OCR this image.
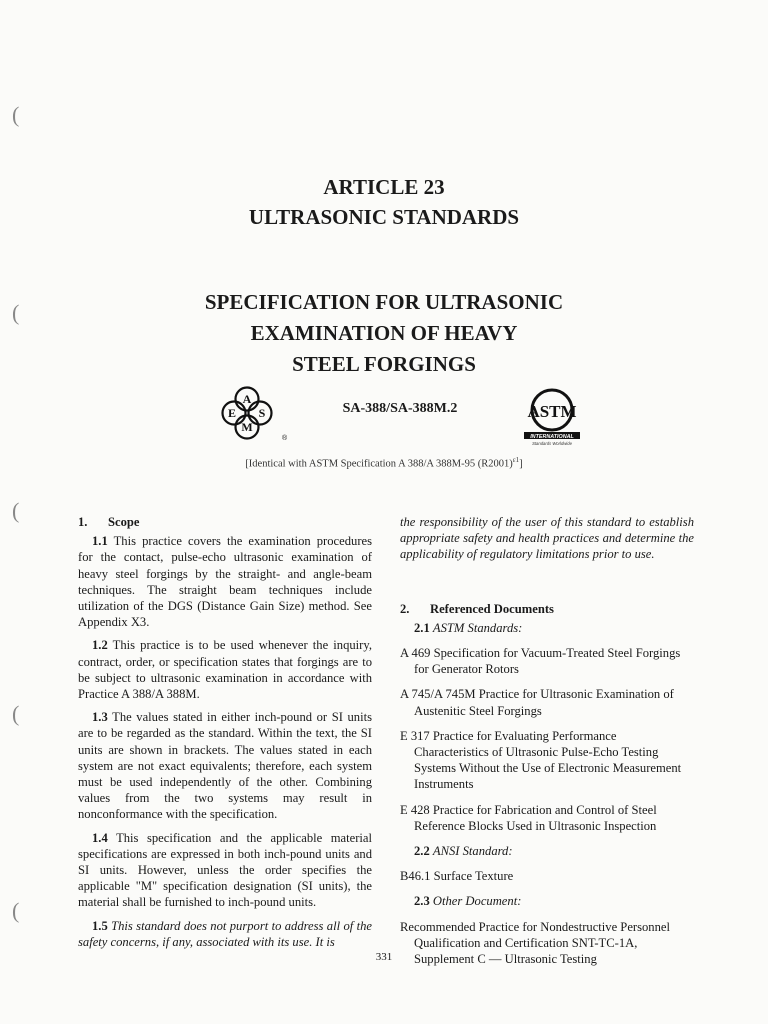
(
(
(
(
(
ARTICLE 23
ULTRASONIC STANDARDS
SPECIFICATION FOR ULTRASONIC
EXAMINATION OF HEAVY
STEEL FORGINGS
A
E S
M
®
SA-388/SA-388M.2	ASTM
INTERNATIONAL
Standards Worldwide
[Identical with ASTM Specification A 388/A 388M-95 $(R2001)^{\varepsilon 1}$]

1. Scope

1.1 This practice covers the examination procedures for the contact, pulse-echo ultrasonic examination of heavy steel forgings by the straight- and angle-beam techniques. The straight beam techniques include utilization of the DGS (Distance Gain Size) method. See Appendix X3.

1.2 This practice is to be used whenever the inquiry, contract, order, or specification states that forgings are to be subject to ultrasonic examination in accordance with Practice A 388/A 388M.

1.3 The values stated in either inch-pound or SI units are to be regarded as the standard. Within the text, the SI units are shown in brackets. The values stated in each system are not exact equivalents; therefore, each system must be used independently of the other. Combining values from the two systems may result in nonconformance with the specification.

1.4 This specification and the applicable material specifications are expressed in both inch-pound units and SI units. However, unless the order specifies the applicable "M" specification designation (SI units), the material shall be furnished to inch-pound units.

1.5 This standard does not purport to address all of the safety concerns, if any, associated with its use. It is

the responsibility of the user of this standard to establish appropriate safety and health practices and determine the applicability of regulatory limitations prior to use.

2. Referenced Documents

2.1 ASTM Standards:

A 469 Specification for Vacuum-Treated Steel Forgings for Generator Rotors

A 745/A 745M Practice for Ultrasonic Examination of Austenitic Steel Forgings

E 317 Practice for Evaluating Performance Characteristics of Ultrasonic Pulse-Echo Testing Systems Without the Use of Electronic Measurement Instruments

E 428 Practice for Fabrication and Control of Steel Reference Blocks Used in Ultrasonic Inspection

2.2 ANSI Standard:

B46.1 Surface Texture

2.3 Other Document:

Recommended Practice for Nondestructive Personnel Qualification and Certification SNT-TC-1A, Supplement C — Ultrasonic Testing

331
